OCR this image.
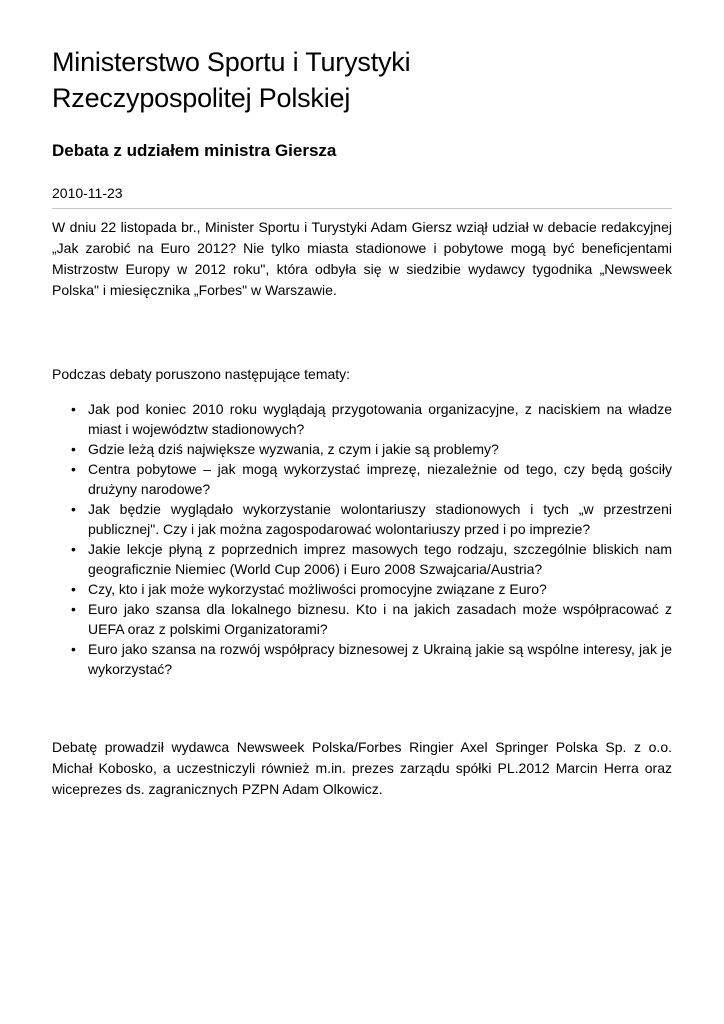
Ministerstwo Sportu i Turystyki
Rzeczypospolitej Polskiej
Debata z udziałem ministra Giersza
2010-11-23

W dniu 22 listopada br., Minister Sportu i Turystyki Adam Giersz wziął udział w debacie redakcyjnej „Jak zarobić na Euro 2012? Nie tylko miasta stadionowe i pobytowe mogą być beneficjentami Mistrzostw Europy w 2012 roku", która odbyła się w siedzibie wydawcy tygodnika „Newsweek Polska" i miesięcznika „Forbes" w Warszawie.

Podczas debaty poruszono następujące tematy:

• Jak pod koniec 2010 roku wyglądają przygotowania organizacyjne, z naciskiem na władze miast i województw stadionowych?
• Gdzie leżą dziś największe wyzwania, z czym i jakie są problemy?
• Centra pobytowe – jak mogą wykorzystać imprezę, niezależnie od tego, czy będą gościły drużyny narodowe?
• Jak będzie wyglądało wykorzystanie wolontariuszy stadionowych i tych „w przestrzeni publicznej". Czy i jak można zagospodarować wolontariuszy przed i po imprezie?
• Jakie lekcje płyną z poprzednich imprez masowych tego rodzaju, szczególnie bliskich nam geograficznie Niemiec (World Cup 2006) i Euro 2008 Szwajcaria/Austria?
• Czy, kto i jak może wykorzystać możliwości promocyjne związane z Euro?
• Euro jako szansa dla lokalnego biznesu. Kto i na jakich zasadach może współpracować z UEFA oraz z polskimi Organizatorami?
• Euro jako szansa na rozwój współpracy biznesowej z Ukrainą jakie są wspólne interesy, jak je wykorzystać?

Debatę prowadził wydawca Newsweek Polska/Forbes Ringier Axel Springer Polska Sp. z o.o. Michał Kobosko, a uczestniczyli również m.in. prezes zarządu spółki PL.2012 Marcin Herra oraz wiceprezes ds. zagranicznych PZPN Adam Olkowicz.
